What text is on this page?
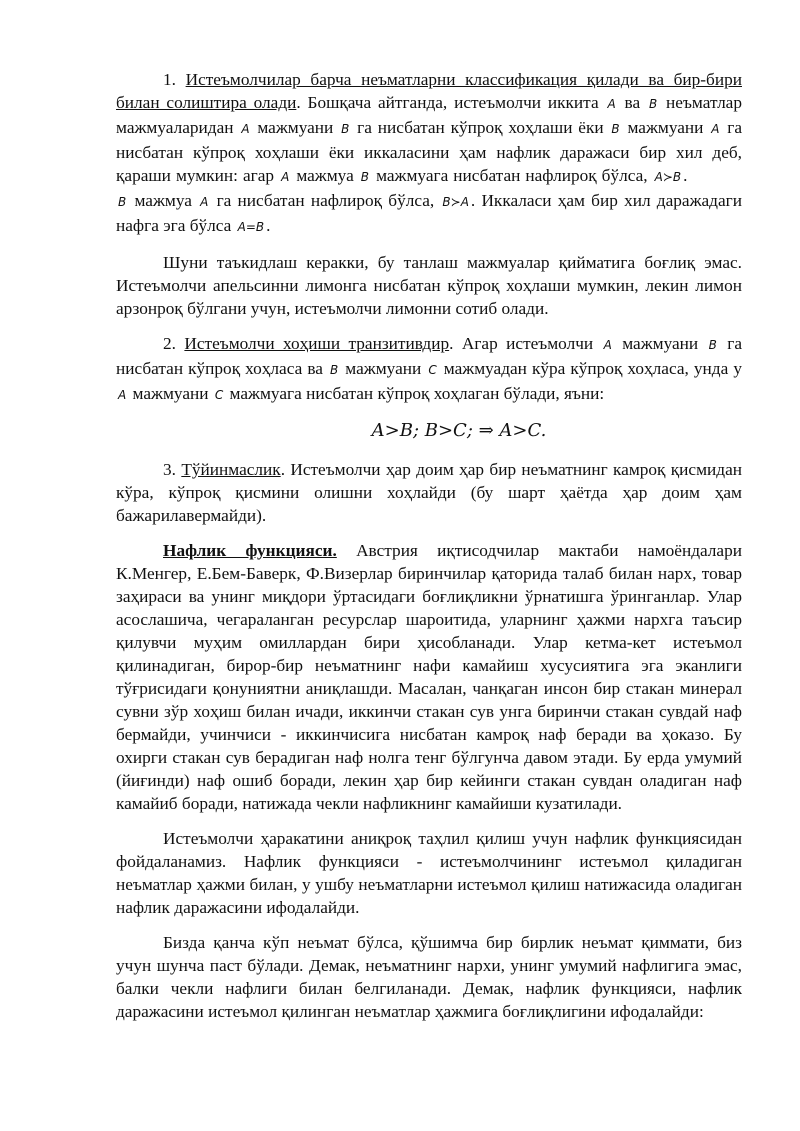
1. Истеъмолчилар барча неъматларни классификация қилади ва бир-бири билан солиштира олади. Бошқача айтганда, истеъмолчи иккита A ва B неъматлар мажмуаларидан A мажмуани B га нисбатан кўпроқ хоҳлаши ёки B мажмуани A га нисбатан кўпроқ хоҳлаши ёки иккаласини ҳам нафлик даражаси бир хил деб, қараши мумкин: агар A мажмуа B мажмуага нисбатан нафлироқ бўлса, A≻B .            B мажмуа A га нисбатан нафлироқ бўлса, B≻A . Иккаласи ҳам бир хил даражадаги нафга эга бўлса A=B .

Шуни таъкидлаш керакки, бу танлаш мажмуалар қийматига боғлиқ эмас. Истеъмолчи апельсинни лимонга нисбатан кўпроқ хоҳлаши мумкин, лекин лимон арзонроқ бўлгани учун, истеъмолчи лимонни сотиб олади.

2. Истеъмолчи хоҳиши транзитивдир. Агар истеъмолчи A мажмуани B га нисбатан кўпроқ хоҳласа ва B мажмуани C мажмуадан кўра кўпроқ хоҳласа, унда у A мажмуани C мажмуага нисбатан кўпроқ хоҳлаган бўлади, яъни:

A>B; B>C; ⇒ A>C.

3. Тўйинмаслик. Истеъмолчи ҳар доим ҳар бир неъматнинг камроқ қисмидан кўра, кўпроқ қисмини олишни хоҳлайди (бу шарт ҳаётда ҳар доим ҳам бажарилавермайди).

Нафлик функцияси. Австрия иқтисодчилар мактаби намоёндалари К.Менгер, Е.Бем-Баверк, Ф.Визерлар биринчилар қаторида талаб билан нарх, товар заҳираси ва унинг миқдори ўртасидаги боғлиқликни ўрнатишга ўринганлар. Улар асослашича, чегараланган ресурслар шароитида, уларнинг ҳажми нархга таъсир қилувчи муҳим омиллардан бири ҳисобланади. Улар кетма-кет истеъмол қилинадиган, бирор-бир неъматнинг нафи камайиш хусусиятига эга эканлиги тўғрисидаги қонуниятни аниқлашди. Масалан, чанқаган инсон бир стакан минерал сувни зўр хоҳиш билан ичади, иккинчи стакан сув унга биринчи стакан сувдай наф бермайди, учинчиси - иккинчисига нисбатан камроқ наф беради ва ҳоказо. Бу охирги стакан сув берадиган наф нолга тенг бўлгунча давом этади. Бу ерда умумий (йиғинди) наф ошиб боради, лекин ҳар бир кейинги стакан сувдан оладиган наф камайиб боради, натижада чекли нафликнинг камайиши кузатилади.

Истеъмолчи ҳаракатини аниқроқ таҳлил қилиш учун нафлик функциясидан фойдаланамиз. Нафлик функцияси - истеъмолчининг истеъмол қиладиган неъматлар ҳажми билан, у ушбу неъматларни истеъмол қилиш натижасида оладиган нафлик даражасини ифодалайди.

Бизда қанча кўп неъмат бўлса, қўшимча бир бирлик неъмат қиммати, биз учун шунча паст бўлади. Демак, неъматнинг нархи, унинг умумий нафлигига эмас, балки чекли нафлиги билан белгиланади. Демак, нафлик функцияси, нафлик даражасини истеъмол қилинган неъматлар ҳажмига боғлиқлигини ифодалайди:
